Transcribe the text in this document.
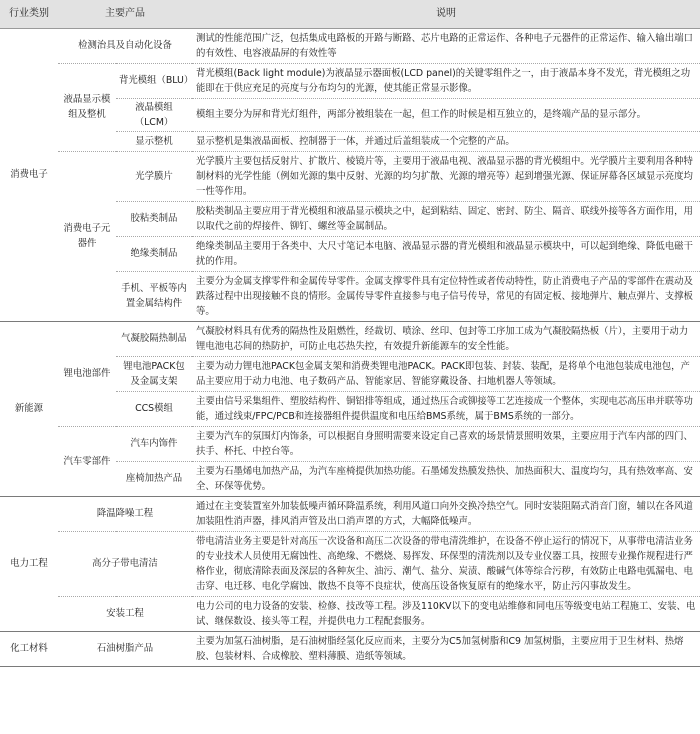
行业类别	主要产品		说明
消费电子	检测治具及自动化设备		测试的性能范围广泛，包括集成电路板的开路与断路、芯片电路的正常运作、各种电子元器件的正常运作、输入输出端口的有效性、电容液晶屏的有效性等
	液晶显示模组及整机	背光模组（BLU）	背光模组(Back light module)为液晶显示器面板(LCD panel)的关键零组件之一，由于液晶本身不发光，背光模组之功能即在于供应充足的亮度与分布均匀的光源，使其能正常显示影像。
		液晶模组（LCM）	模组主要分为屏和背光灯组件，两部分被组装在一起，但工作的时候是相互独立的，是终端产品的显示部分。
		显示整机	显示整机是集液晶面板、控制器于一体，并通过后盖组装成一个完整的产品。
	消费电子元器件	光学膜片	光学膜片主要包括反射片、扩散片、棱镜片等，主要用于液晶电视、液晶显示器的背光模组中。光学膜片主要利用各种特制材料的光学性能（例如光源的集中反射、光源的均匀扩散、光源的增亮等）起到增强光源、保证屏幕各区域显示亮度均一性等作用。
		胶粘类制品	胶粘类制品主要应用于背光模组和液晶显示模块之中，起到粘结、固定、密封、防尘、隔音、联线外接等各方面作用，用以取代之前的焊接件、铆钉、螺丝等金属制品。
		绝缘类制品	绝缘类制品主要用于各类中、大尺寸笔记本电脑、液晶显示器的背光模组和液晶显示模块中，可以起到绝缘、降低电磁干扰的作用。
		手机、平板等内置金属结构件	主要分为金属支撑零件和金属传导零件。金属支撑零件具有定位特性或者传动特性，防止消费电子产品的零部件在震动及跌落过程中出现接触不良的情形。金属传导零件直接参与电子信号传导，常见的有固定板、接地弹片、触点弹片、支撑板等。
新能源	锂电池部件	气凝胶隔热制品	气凝胶材料具有优秀的隔热性及阻燃性，经裁切、喷涂、丝印、包封等工序加工成为气凝胶隔热板（片），主要用于动力锂电池电芯间的热防护，可防止电芯热失控，有效提升新能源车的安全性能。
		锂电池PACK包及金属支架	主要为动力锂电池PACK包金属支架和消费类锂电池PACK。PACK即包装、封装、装配，是将单个电池包装成电池包，产品主要应用于动力电池、电子数码产品、智能家居、智能穿戴设备、扫地机器人等领域。
		CCS模组	主要由信号采集组件、塑胶结构件、铜铝排等组成，通过热压合或铆接等工艺连接成一个整体，实现电芯高压串并联等功能，通过线束/FPC/PCB和连接器组件提供温度和电压给BMS系统，属于BMS系统的一部分。
	汽车零部件	汽车内饰件	主要为汽车的氛围灯内饰条，可以根据自身照明需要来设定自己喜欢的场景情景照明效果，主要应用于汽车内部的四门、扶手、杯托、中控台等。
		座椅加热产品	主要为石墨烯电加热产品，为汽车座椅提供加热功能。石墨烯发热膜发热快、加热面积大、温度均匀，具有热效率高、安全、环保等优势。
电力工程	降温降噪工程		通过在主变装置室外加装低噪声循环降温系统，利用风道口向外交换冷热空气。同时安装阻隔式消音门窗，辅以在各风道加装阻性消声器，排风消声管及出口消声罩的方式，大幅降低噪声。
	高分子带电清洁		带电清洁业务主要是针对高压一次设备和高压二次设备的带电清洗维护，在设备不停止运行的情况下，从事带电清洁业务的专业技术人员使用无腐蚀性、高绝缘、不燃烧、易挥发、环保型的清洗剂以及专业仪器工具，按照专业操作规程进行严格作业，彻底清除表面及深层的各种灰尘、油污、潮气、盐分、炭渍、酸碱气体等综合污秽，有效防止电路电弧漏电、电击穿、电迁移、电化学腐蚀、散热不良等不良症状，使高压设备恢复原有的绝缘水平，防止污闪事故发生。
	安装工程		电力公司的电力设备的安装、检修、技改等工程。涉及110KV以下的变电站维修和同电压等级变电站工程施工、安装、电试、继保数设、接头等工程，并提供电力工程配套服务。
化工材料	石油树脂产品		主要为加氢石油树脂，是石油树脂经氢化反应而来，主要分为C5加氢树脂和C9 加氢树脂，主要应用于卫生材料、热熔胶、包装材料、合成橡胶、塑料薄膜、造纸等领域。
